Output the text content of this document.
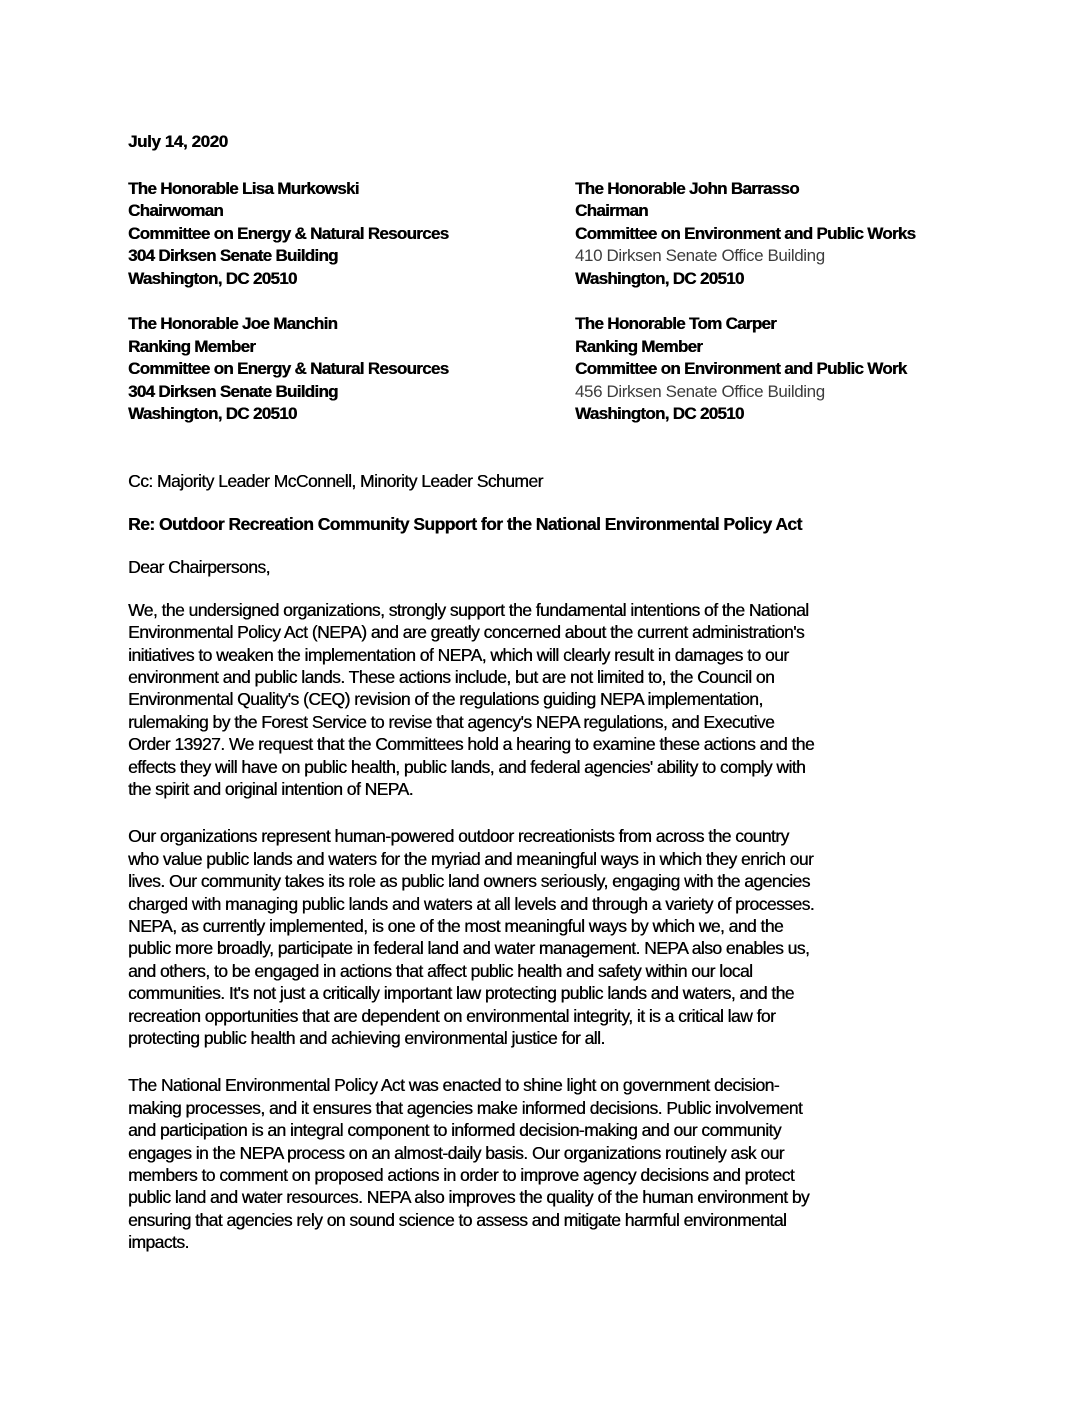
July 14, 2020
The Honorable Lisa Murkowski
Chairwoman
Committee on Energy & Natural Resources
304 Dirksen Senate Building
Washington, DC 20510
The Honorable John Barrasso
Chairman
Committee on Environment and Public Works
410 Dirksen Senate Office Building
Washington, DC 20510
The Honorable Joe Manchin
Ranking Member
Committee on Energy & Natural Resources
304 Dirksen Senate Building
Washington, DC 20510
The Honorable Tom Carper
Ranking Member
Committee on Environment and Public Work
456 Dirksen Senate Office Building
Washington, DC 20510
Cc: Majority Leader McConnell, Minority Leader Schumer
Re: Outdoor Recreation Community Support for the National Environmental Policy Act
Dear Chairpersons,
We, the undersigned organizations, strongly support the fundamental intentions of the National
Environmental Policy Act (NEPA) and are greatly concerned about the current administration's
initiatives to weaken the implementation of NEPA, which will clearly result in damages to our
environment and public lands. These actions include, but are not limited to, the Council on
Environmental Quality's (CEQ) revision of the regulations guiding NEPA implementation,
rulemaking by the Forest Service to revise that agency's NEPA regulations, and Executive
Order 13927. We request that the Committees hold a hearing to examine these actions and the
effects they will have on public health, public lands, and federal agencies' ability to comply with
the spirit and original intention of NEPA.
Our organizations represent human-powered outdoor recreationists from across the country
who value public lands and waters for the myriad and meaningful ways in which they enrich our
lives. Our community takes its role as public land owners seriously, engaging with the agencies
charged with managing public lands and waters at all levels and through a variety of processes.
NEPA, as currently implemented, is one of the most meaningful ways by which we, and the
public more broadly, participate in federal land and water management. NEPA also enables us,
and others, to be engaged in actions that affect public health and safety within our local
communities. It's not just a critically important law protecting public lands and waters, and the
recreation opportunities that are dependent on environmental integrity, it is a critical law for
protecting public health and achieving environmental justice for all.
The National Environmental Policy Act was enacted to shine light on government decision-
making processes, and it ensures that agencies make informed decisions. Public involvement
and participation is an integral component to informed decision-making and our community
engages in the NEPA process on an almost-daily basis. Our organizations routinely ask our
members to comment on proposed actions in order to improve agency decisions and protect
public land and water resources. NEPA also improves the quality of the human environment by
ensuring that agencies rely on sound science to assess and mitigate harmful environmental
impacts.
